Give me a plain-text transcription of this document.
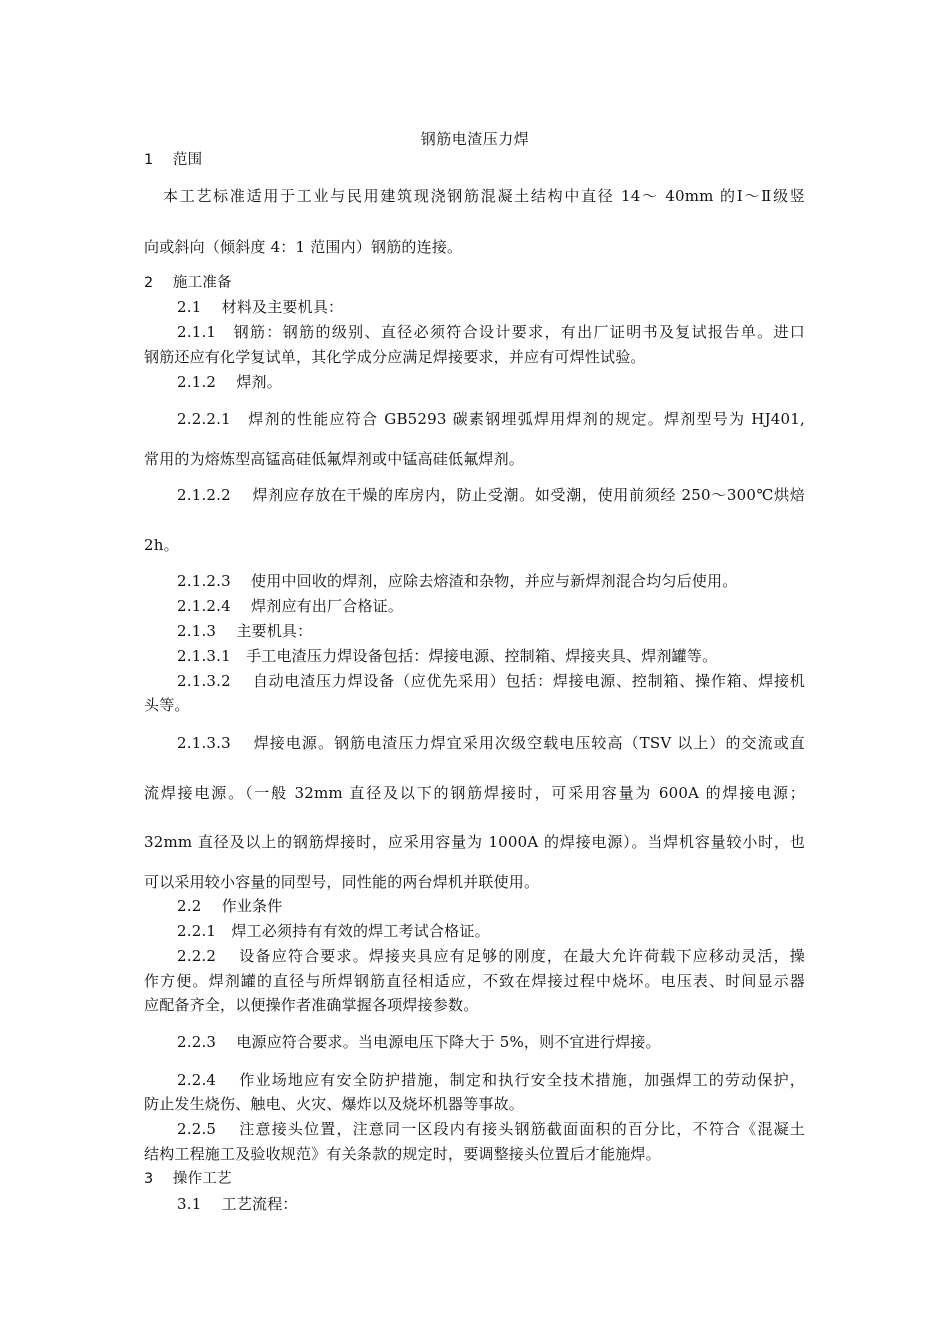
钢筋电渣压力焊
1　 范围
本工艺标准适用于工业与民用建筑现浇钢筋混凝土结构中直径 14～ 40mm 的Ⅰ～Ⅱ级竖
向或斜向（倾斜度 4：1 范围内）钢筋的连接。
2　 施工准备
2.1　 材料及主要机具：
2.1.1　钢筋：钢筋的级别、直径必须符合设计要求，有出厂证明书及复试报告单。进口
钢筋还应有化学复试单，其化学成分应满足焊接要求，并应有可焊性试验。
2.1.2　 焊剂。
2.2.2.1　焊剂的性能应符合 GB5293 碳素钢埋弧焊用焊剂的规定。焊剂型号为 HJ401,
常用的为熔炼型高锰高硅低氟焊剂或中锰高硅低氟焊剂。
2.1.2.2　 焊剂应存放在干燥的库房内，防止受潮。如受潮，使用前须经 250～300℃烘焙
2h。
2.1.2.3　 使用中回收的焊剂，应除去熔渣和杂物，并应与新焊剂混合均匀后使用。
2.1.2.4　 焊剂应有出厂合格证。
2.1.3　 主要机具：
2.1.3.1　手工电渣压力焊设备包括：焊接电源、控制箱、焊接夹具、焊剂罐等。
2.1.3.2　 自动电渣压力焊设备（应优先采用）包括：焊接电源、控制箱、操作箱、焊接机
头等。
2.1.3.3　 焊接电源。钢筋电渣压力焊宜采用次级空载电压较高（TSV 以上）的交流或直
流焊接电源。（一般 32mm 直径及以下的钢筋焊接时，可采用容量为 600A 的焊接电源；
32mm 直径及以上的钢筋焊接时，应采用容量为 1000A 的焊接电源）。当焊机容量较小时，也
可以采用较小容量的同型号，同性能的两台焊机并联使用。
2.2　 作业条件
2.2.1　焊工必须持有有效的焊工考试合格证。
2.2.2　 设备应符合要求。焊接夹具应有足够的刚度，在最大允许荷载下应移动灵活，操
作方便。焊剂罐的直径与所焊钢筋直径相适应，不致在焊接过程中烧坏。电压表、时间显示器
应配备齐全，以便操作者准确掌握各项焊接参数。
2.2.3　 电源应符合要求。当电源电压下降大于 5%，则不宜进行焊接。
2.2.4　 作业场地应有安全防护措施，制定和执行安全技术措施，加强焊工的劳动保护，
防止发生烧伤、触电、火灾、爆炸以及烧坏机器等事故。
2.2.5　 注意接头位置，注意同一区段内有接头钢筋截面面积的百分比，不符合《混凝土
结构工程施工及验收规范》有关条款的规定时，要调整接头位置后才能施焊。
3　 操作工艺
3.1　 工艺流程：
